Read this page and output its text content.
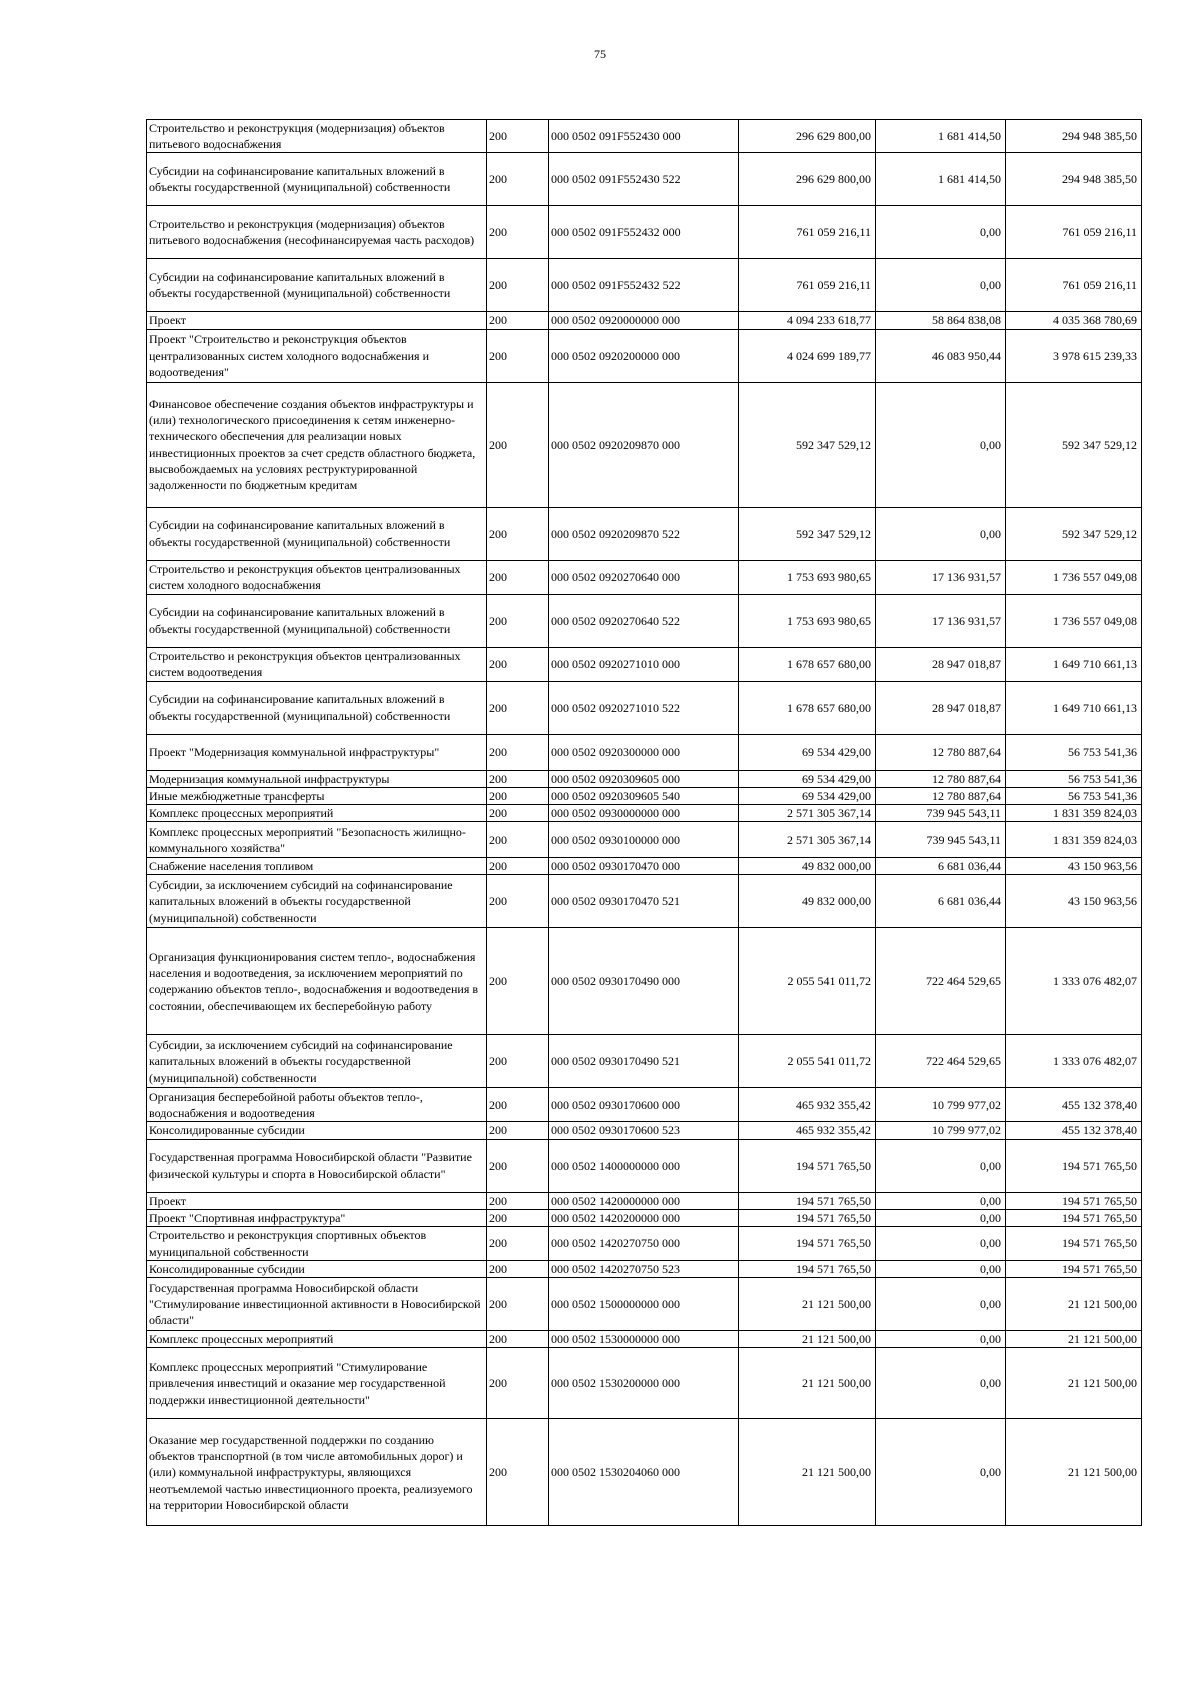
75
Строительство и реконструкция (модернизация) объектов питьевого водоснабжения	200	000 0502 091F552430 000	296 629 800,00	1 681 414,50	294 948 385,50
Субсидии на софинансирование капитальных вложений в объекты государственной (муниципальной) собственности	200	000 0502 091F552430 522	296 629 800,00	1 681 414,50	294 948 385,50
Строительство и реконструкция (модернизация) объектов питьевого водоснабжения (несофинансируемая часть расходов)	200	000 0502 091F552432 000	761 059 216,11	0,00	761 059 216,11
Субсидии на софинансирование капитальных вложений в объекты государственной (муниципальной) собственности	200	000 0502 091F552432 522	761 059 216,11	0,00	761 059 216,11
Проект	200	000 0502 0920000000 000	4 094 233 618,77	58 864 838,08	4 035 368 780,69
Проект "Строительство и реконструкция объектов централизованных систем холодного водоснабжения и водоотведения"	200	000 0502 0920200000 000	4 024 699 189,77	46 083 950,44	3 978 615 239,33
Финансовое обеспечение создания объектов инфраструктуры и (или) технологического присоединения к сетям инженерно-технического обеспечения для реализации новых инвестиционных проектов за счет средств областного бюджета, высвобождаемых на условиях реструктурированной задолженности по бюджетным кредитам	200	000 0502 0920209870 000	592 347 529,12	0,00	592 347 529,12
Субсидии на софинансирование капитальных вложений в объекты государственной (муниципальной) собственности	200	000 0502 0920209870 522	592 347 529,12	0,00	592 347 529,12
Строительство и реконструкция объектов централизованных систем холодного водоснабжения	200	000 0502 0920270640 000	1 753 693 980,65	17 136 931,57	1 736 557 049,08
Субсидии на софинансирование капитальных вложений в объекты государственной (муниципальной) собственности	200	000 0502 0920270640 522	1 753 693 980,65	17 136 931,57	1 736 557 049,08
Строительство и реконструкция объектов централизованных систем водоотведения	200	000 0502 0920271010 000	1 678 657 680,00	28 947 018,87	1 649 710 661,13
Субсидии на софинансирование капитальных вложений в объекты государственной (муниципальной) собственности	200	000 0502 0920271010 522	1 678 657 680,00	28 947 018,87	1 649 710 661,13
Проект "Модернизация коммунальной инфраструктуры"	200	000 0502 0920300000 000	69 534 429,00	12 780 887,64	56 753 541,36
Модернизация коммунальной инфраструктуры	200	000 0502 0920309605 000	69 534 429,00	12 780 887,64	56 753 541,36
Иные межбюджетные трансферты	200	000 0502 0920309605 540	69 534 429,00	12 780 887,64	56 753 541,36
Комплекс процессных мероприятий	200	000 0502 0930000000 000	2 571 305 367,14	739 945 543,11	1 831 359 824,03
Комплекс процессных мероприятий "Безопасность жилищно-коммунального хозяйства"	200	000 0502 0930100000 000	2 571 305 367,14	739 945 543,11	1 831 359 824,03
Снабжение населения топливом	200	000 0502 0930170470 000	49 832 000,00	6 681 036,44	43 150 963,56
Субсидии, за исключением субсидий на софинансирование капитальных вложений в объекты государственной (муниципальной) собственности	200	000 0502 0930170470 521	49 832 000,00	6 681 036,44	43 150 963,56
Организация функционирования систем тепло-, водоснабжения населения и водоотведения, за исключением мероприятий по содержанию объектов тепло-, водоснабжения и водоотведения в состоянии, обеспечивающем их бесперебойную работу	200	000 0502 0930170490 000	2 055 541 011,72	722 464 529,65	1 333 076 482,07
Субсидии, за исключением субсидий на софинансирование капитальных вложений в объекты государственной (муниципальной) собственности	200	000 0502 0930170490 521	2 055 541 011,72	722 464 529,65	1 333 076 482,07
Организация бесперебойной работы объектов тепло-, водоснабжения и водоотведения	200	000 0502 0930170600 000	465 932 355,42	10 799 977,02	455 132 378,40
Консолидированные субсидии	200	000 0502 0930170600 523	465 932 355,42	10 799 977,02	455 132 378,40
Государственная программа Новосибирской области "Развитие физической культуры и спорта в Новосибирской области"	200	000 0502 1400000000 000	194 571 765,50	0,00	194 571 765,50
Проект	200	000 0502 1420000000 000	194 571 765,50	0,00	194 571 765,50
Проект "Спортивная инфраструктура"	200	000 0502 1420200000 000	194 571 765,50	0,00	194 571 765,50
Строительство и реконструкция спортивных объектов муниципальной собственности	200	000 0502 1420270750 000	194 571 765,50	0,00	194 571 765,50
Консолидированные субсидии	200	000 0502 1420270750 523	194 571 765,50	0,00	194 571 765,50
Государственная программа Новосибирской области "Стимулирование инвестиционной активности в Новосибирской области"	200	000 0502 1500000000 000	21 121 500,00	0,00	21 121 500,00
Комплекс процессных мероприятий	200	000 0502 1530000000 000	21 121 500,00	0,00	21 121 500,00
Комплекс процессных мероприятий "Стимулирование привлечения инвестиций и оказание мер государственной поддержки инвестиционной деятельности"	200	000 0502 1530200000 000	21 121 500,00	0,00	21 121 500,00
Оказание мер государственной поддержки по созданию объектов транспортной (в том числе автомобильных дорог) и (или) коммунальной инфраструктуры, являющихся неотъемлемой частью инвестиционного проекта, реализуемого на территории Новосибирской области	200	000 0502 1530204060 000	21 121 500,00	0,00	21 121 500,00
